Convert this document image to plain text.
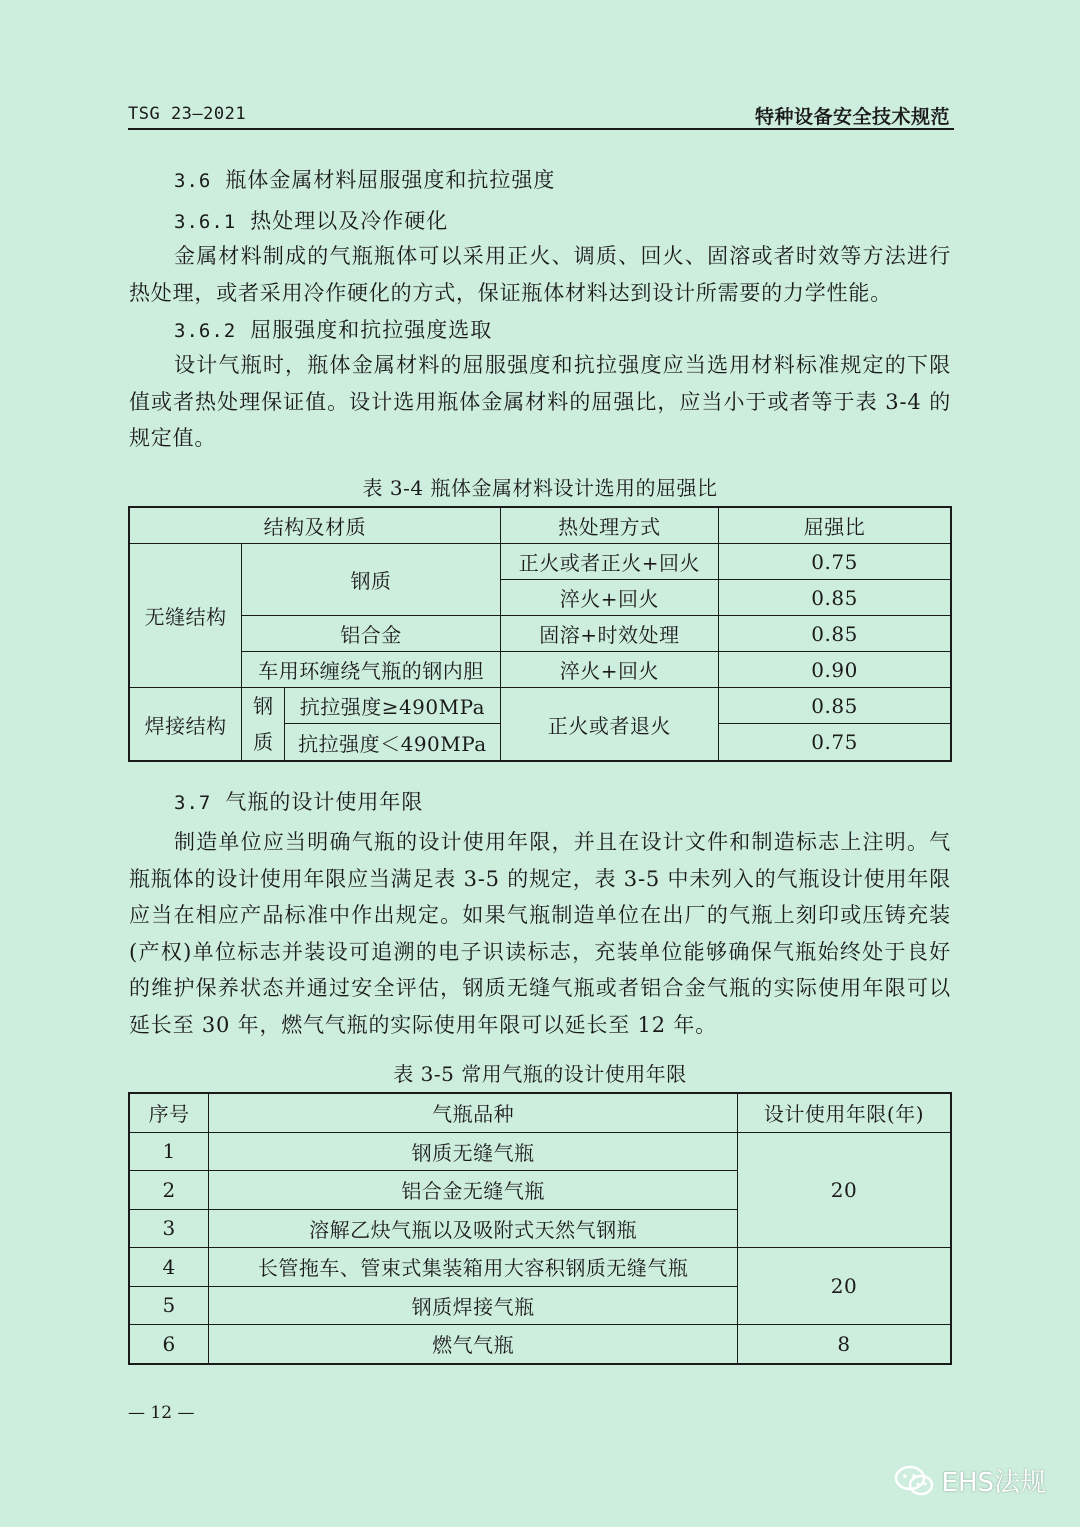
TSG 23—2021	特种设备安全技术规范
3.6 瓶体金属材料屈服强度和抗拉强度
3.6.1 热处理以及冷作硬化
金属材料制成的气瓶瓶体可以采用正火、调质、回火、固溶或者时效等方法进行热处理，或者采用冷作硬化的方式，保证瓶体材料达到设计所需要的力学性能。
3.6.2 屈服强度和抗拉强度选取
设计气瓶时，瓶体金属材料的屈服强度和抗拉强度应当选用材料标准规定的下限值或者热处理保证值。设计选用瓶体金属材料的屈强比，应当小于或者等于表 3-4 的规定值。
表 3-4 瓶体金属材料设计选用的屈强比
结构及材质			热处理方式	屈强比
无缝结构	钢质		正火或者正火+回火	0.75
			淬火+回火	0.85
	铝合金		固溶+时效处理	0.85
	车用环缠绕气瓶的钢内胆		淬火+回火	0.90
焊接结构	钢质	抗拉强度≥490MPa	正火或者退火	0.85
		抗拉强度＜490MPa		0.75
3.7 气瓶的设计使用年限
制造单位应当明确气瓶的设计使用年限，并且在设计文件和制造标志上注明。气瓶瓶体的设计使用年限应当满足表 3-5 的规定，表 3-5 中未列入的气瓶设计使用年限应当在相应产品标准中作出规定。如果气瓶制造单位在出厂的气瓶上刻印或压铸充装(产权)单位标志并装设可追溯的电子识读标志，充装单位能够确保气瓶始终处于良好的维护保养状态并通过安全评估，钢质无缝气瓶或者铝合金气瓶的实际使用年限可以延长至 30 年，燃气气瓶的实际使用年限可以延长至 12 年。
表 3-5 常用气瓶的设计使用年限
序号	气瓶品种	设计使用年限(年)
1	钢质无缝气瓶	20
2	铝合金无缝气瓶	
3	溶解乙炔气瓶以及吸附式天然气钢瓶	
4	长管拖车、管束式集装箱用大容积钢质无缝气瓶	20
5	钢质焊接气瓶	
6	燃气气瓶	8
— 12 —
EHS法规
